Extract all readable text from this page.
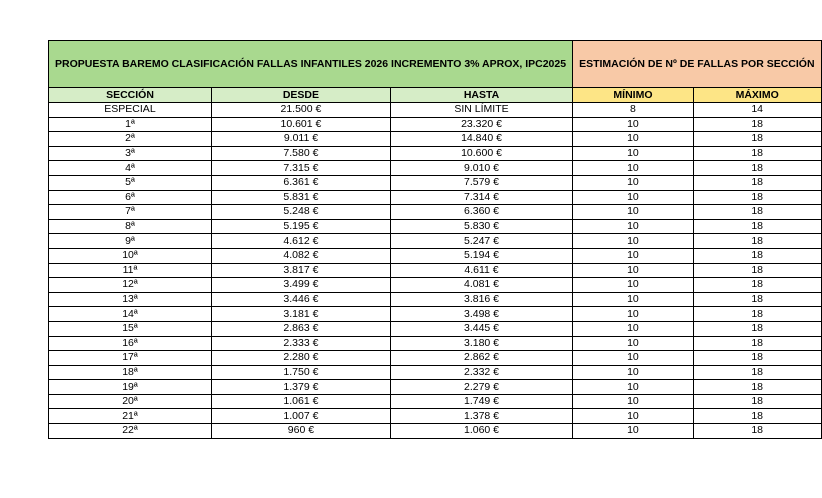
PROPUESTA BAREMO CLASIFICACIÓN FALLAS INFANTILES 2026 INCREMENTO 3% APROX, IPC2025			ESTIMACIÓN DE Nº DE FALLAS POR SECCIÓN	

SECCIÓN	DESDE	HASTA	MÍNIMO	MÁXIMO
ESPECIAL	21.500 €	SIN LÍMITE	8	14
1ª	10.601 €	23.320 €	10	18
2ª	9.011 €	14.840 €	10	18
3ª	7.580 €	10.600 €	10	18
4ª	7.315 €	9.010 €	10	18
5ª	6.361 €	7.579 €	10	18
6ª	5.831 €	7.314 €	10	18
7ª	5.248 €	6.360 €	10	18
8ª	5.195 €	5.830 €	10	18
9ª	4.612 €	5.247 €	10	18
10ª	4.082 €	5.194 €	10	18
11ª	3.817 €	4.611 €	10	18
12ª	3.499 €	4.081 €	10	18
13ª	3.446 €	3.816 €	10	18
14ª	3.181 €	3.498 €	10	18
15ª	2.863 €	3.445 €	10	18
16ª	2.333 €	3.180 €	10	18
17ª	2.280 €	2.862 €	10	18
18ª	1.750 €	2.332 €	10	18
19ª	1.379 €	2.279 €	10	18
20ª	1.061 €	1.749 €	10	18
21ª	1.007 €	1.378 €	10	18
22ª	960 €	1.060 €	10	18
